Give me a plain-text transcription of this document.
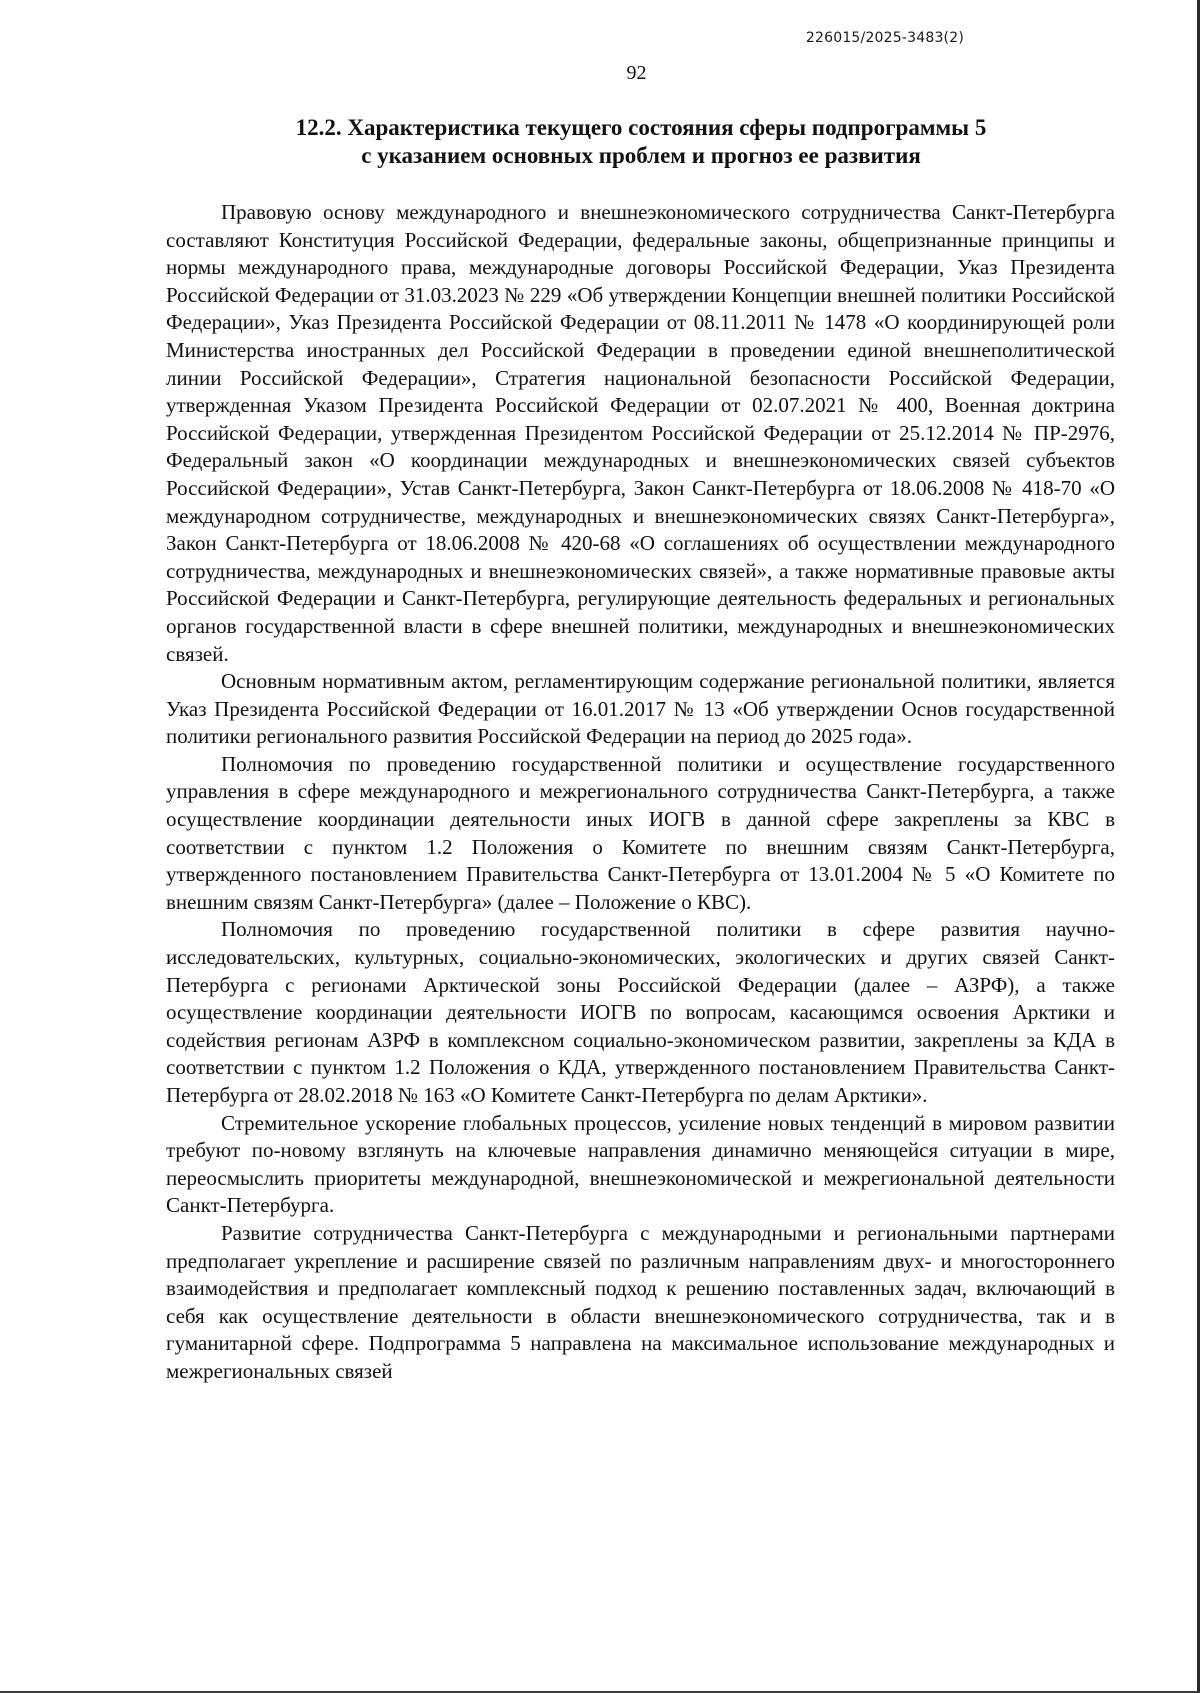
226015/2025-3483(2)
92
12.2. Характеристика текущего состояния сферы подпрограммы 5
с указанием основных проблем и прогноз ее развития

Правовую основу международного и внешнеэкономического сотрудничества Санкт-Петербурга составляют Конституция Российской Федерации, федеральные законы, общепризнанные принципы и нормы международного права, международные договоры Российской Федерации, Указ Президента Российской Федерации от 31.03.2023 № 229 «Об утверждении Концепции внешней политики Российской Федерации», Указ Президента Российской Федерации от 08.11.2011 № 1478 «О координирующей роли Министерства иностранных дел Российской Федерации в проведении единой внешнеполитической линии Российской Федерации», Стратегия национальной безопасности Российской Федерации, утвержденная Указом Президента Российской Федерации от 02.07.2021 № 400, Военная доктрина Российской Федерации, утвержденная Президентом Российской Федерации от 25.12.2014 № ПР-2976, Федеральный закон «О координации международных и внешнеэкономических связей субъектов Российской Федерации», Устав Санкт-Петербурга, Закон Санкт-Петербурга от 18.06.2008 № 418-70 «О международном сотрудничестве, международных и внешнеэкономических связях Санкт-Петербурга», Закон Санкт-Петербурга от 18.06.2008 № 420-68 «О соглашениях об осуществлении международного сотрудничества, международных и внешнеэкономических связей», а также нормативные правовые акты Российской Федерации и Санкт-Петербурга, регулирующие деятельность федеральных и региональных органов государственной власти в сфере внешней политики, международных и внешнеэкономических связей.

Основным нормативным актом, регламентирующим содержание региональной политики, является Указ Президента Российской Федерации от 16.01.2017 № 13 «Об утверждении Основ государственной политики регионального развития Российской Федерации на период до 2025 года».

Полномочия по проведению государственной политики и осуществление государственного управления в сфере международного и межрегионального сотрудничества Санкт-Петербурга, а также осуществление координации деятельности иных ИОГВ в данной сфере закреплены за КВС в соответствии с пунктом 1.2 Положения о Комитете по внешним связям Санкт-Петербурга, утвержденного постановлением Правительства Санкт-Петербурга от 13.01.2004 № 5 «О Комитете по внешним связям Санкт-Петербурга» (далее – Положение о КВС).

Полномочия по проведению государственной политики в сфере развития научно-исследовательских, культурных, социально-экономических, экологических и других связей Санкт-Петербурга с регионами Арктической зоны Российской Федерации (далее – АЗРФ), а также осуществление координации деятельности ИОГВ по вопросам, касающимся освоения Арктики и содействия регионам АЗРФ в комплексном социально-экономическом развитии, закреплены за КДА в соответствии с пунктом 1.2 Положения о КДА, утвержденного постановлением Правительства Санкт-Петербурга от 28.02.2018 № 163 «О Комитете Санкт-Петербурга по делам Арктики».

Стремительное ускорение глобальных процессов, усиление новых тенденций в мировом развитии требуют по-новому взглянуть на ключевые направления динамично меняющейся ситуации в мире, переосмыслить приоритеты международной, внешнеэкономической и межрегиональной деятельности Санкт-Петербурга.

Развитие сотрудничества Санкт-Петербурга с международными и региональными партнерами предполагает укрепление и расширение связей по различным направлениям двух- и многостороннего взаимодействия и предполагает комплексный подход к решению поставленных задач, включающий в себя как осуществление деятельности в области внешнеэкономического сотрудничества, так и в гуманитарной сфере. Подпрограмма 5 направлена на максимальное использование международных и межрегиональных связей
